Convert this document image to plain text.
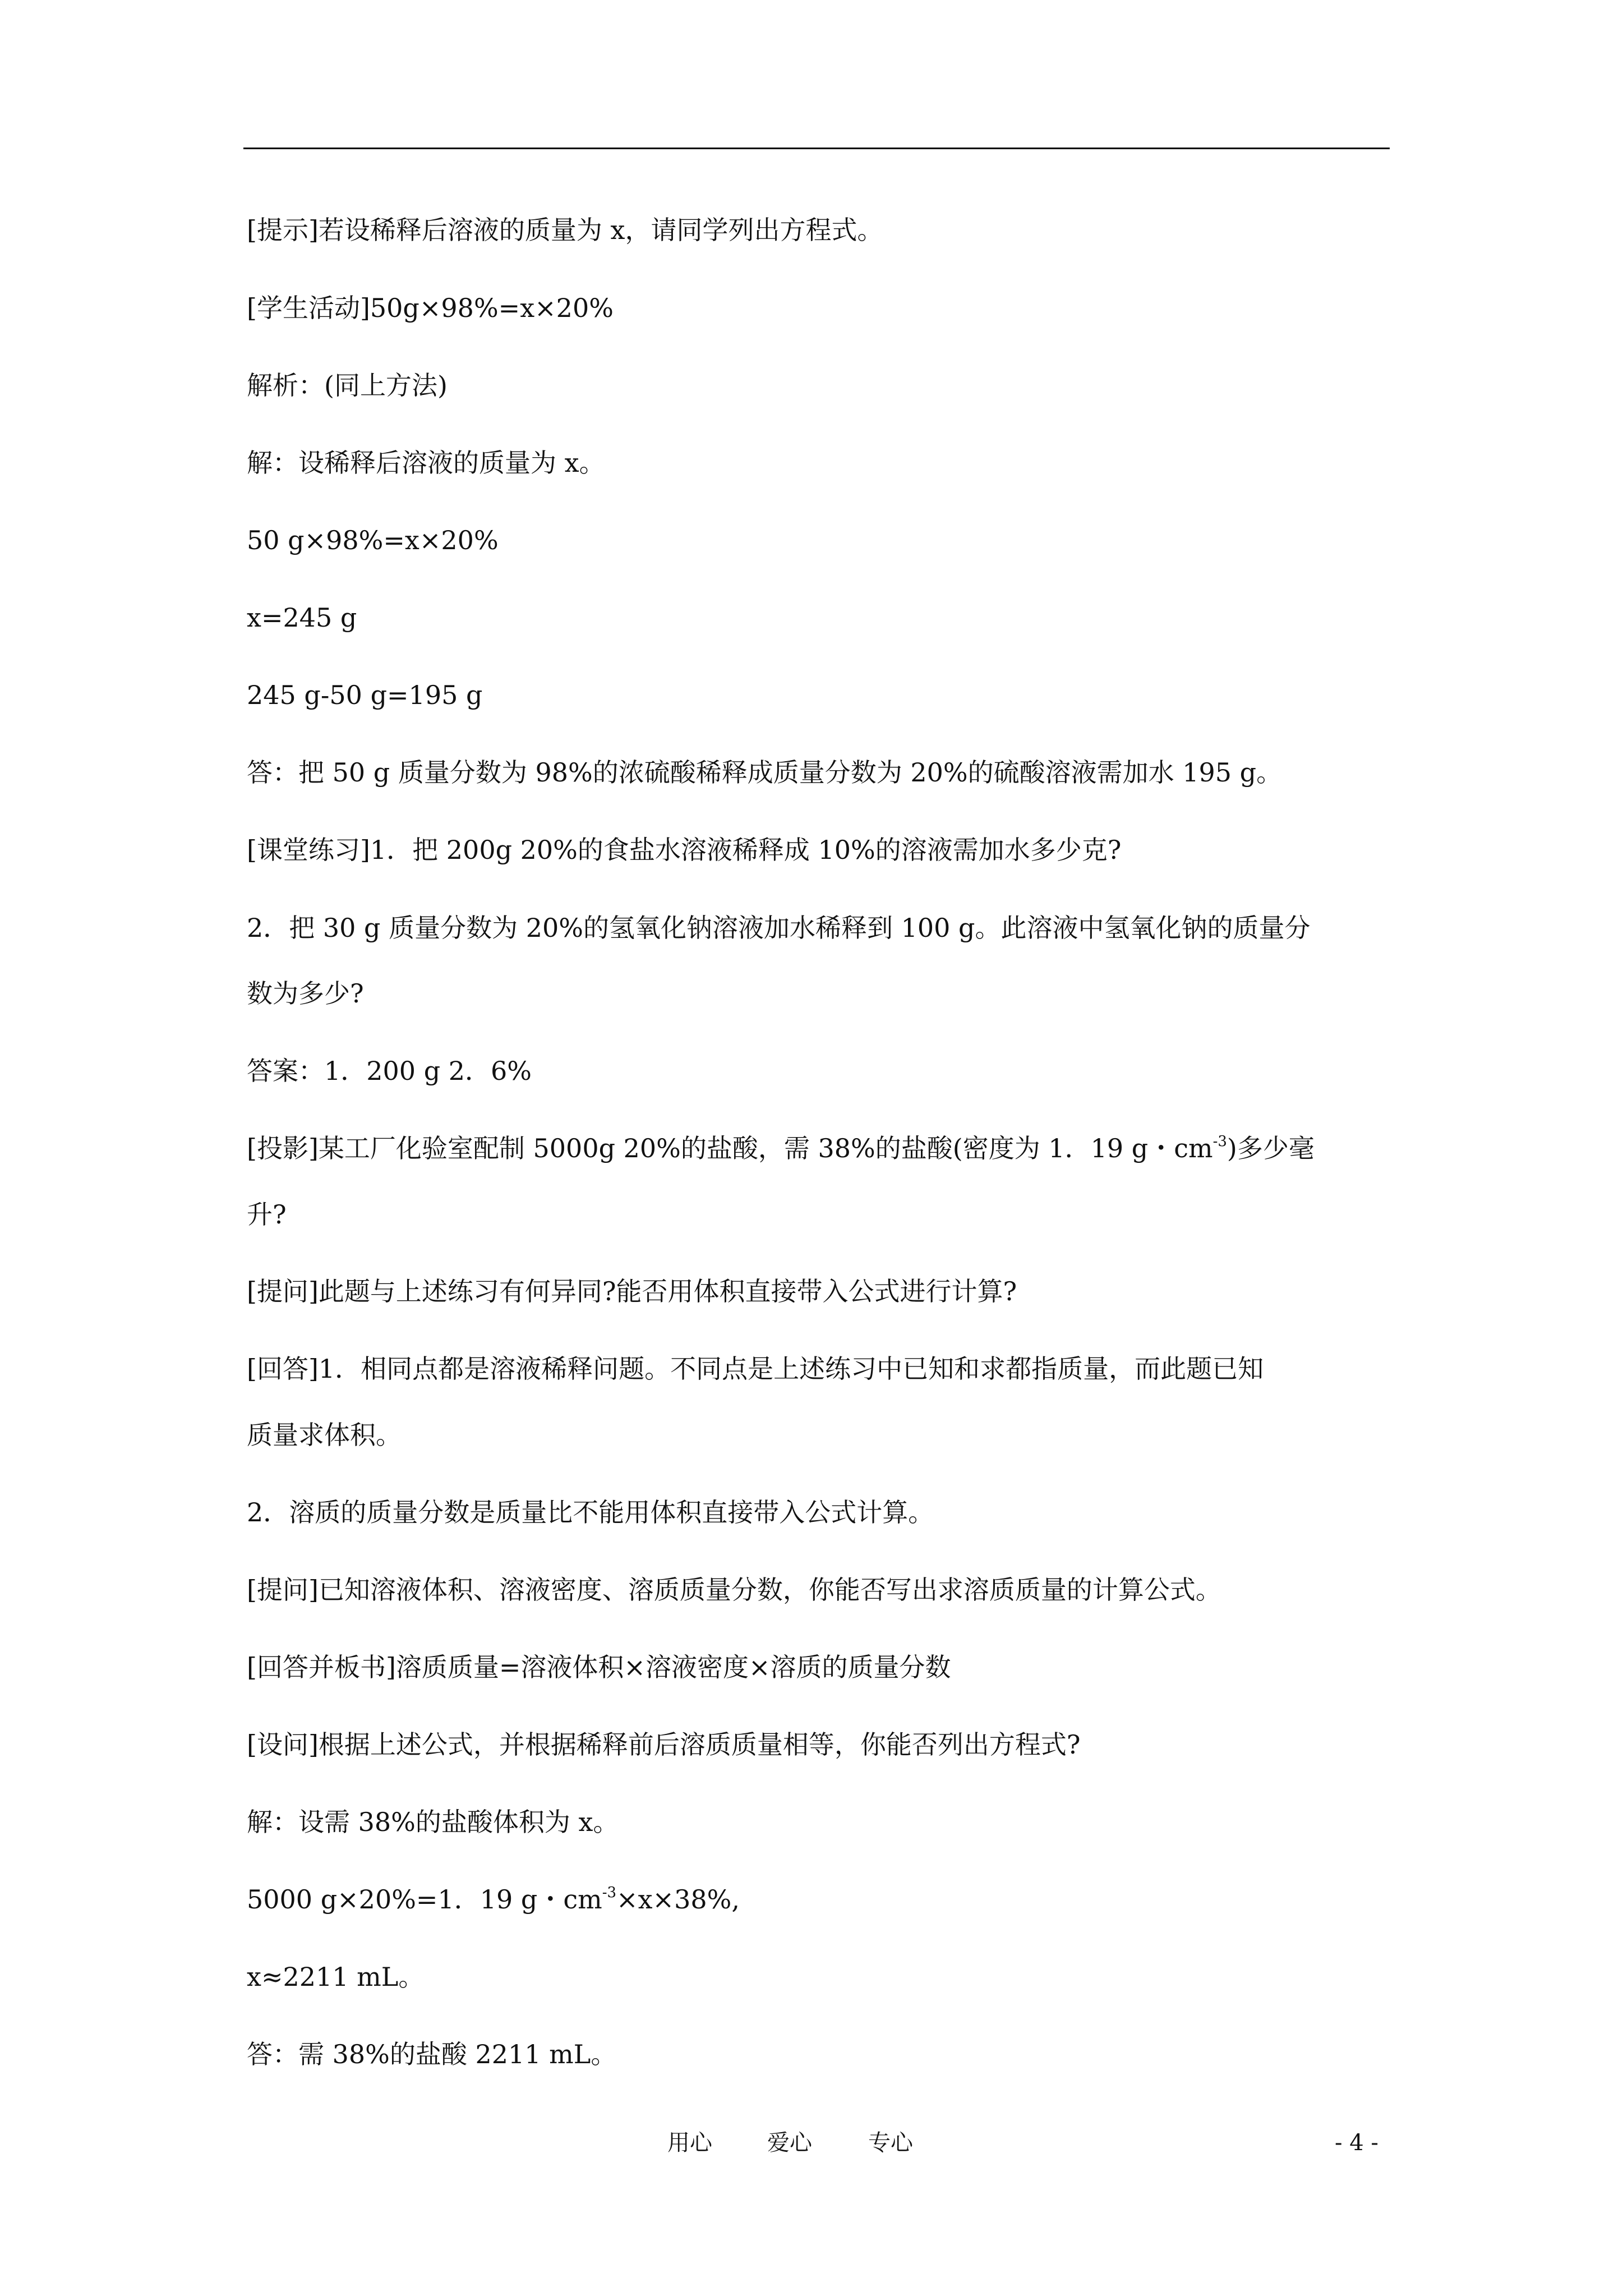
[提示]若设稀释后溶液的质量为 x，请同学列出方程式。
[学生活动]50g×98%=x×20%
解析：(同上方法)
解：设稀释后溶液的质量为 x。
50 g×98%=x×20%
x=245 g
245 g-50 g=195 g
答：把 50 g 质量分数为 98%的浓硫酸稀释成质量分数为 20%的硫酸溶液需加水 195 g。
[课堂练习]1．把 200g 20%的食盐水溶液稀释成 10%的溶液需加水多少克?
2．把 30 g 质量分数为 20%的氢氧化钠溶液加水稀释到 100 g。此溶液中氢氧化钠的质量分
数为多少?
答案：1．200 g 2．6%
[投影]某工厂化验室配制 5000g 20%的盐酸，需 38%的盐酸(密度为 1．19 g・$cm^{-3}$)多少毫
升?
[提问]此题与上述练习有何异同?能否用体积直接带入公式进行计算?
[回答]1．相同点都是溶液稀释问题。不同点是上述练习中已知和求都指质量，而此题已知
质量求体积。
2．溶质的质量分数是质量比不能用体积直接带入公式计算。
[提问]已知溶液体积、溶液密度、溶质质量分数，你能否写出求溶质质量的计算公式。
[回答并板书]溶质质量=溶液体积×溶液密度×溶质的质量分数
[设问]根据上述公式，并根据稀释前后溶质质量相等，你能否列出方程式?
解：设需 38%的盐酸体积为 x。
5000 g×20%=1．19 g・$cm^{-3}\times x\times 38\%$,
x≈2211 mL。
答：需 38%的盐酸 2211 mL。
用心 爱心	专心	- 4 -
